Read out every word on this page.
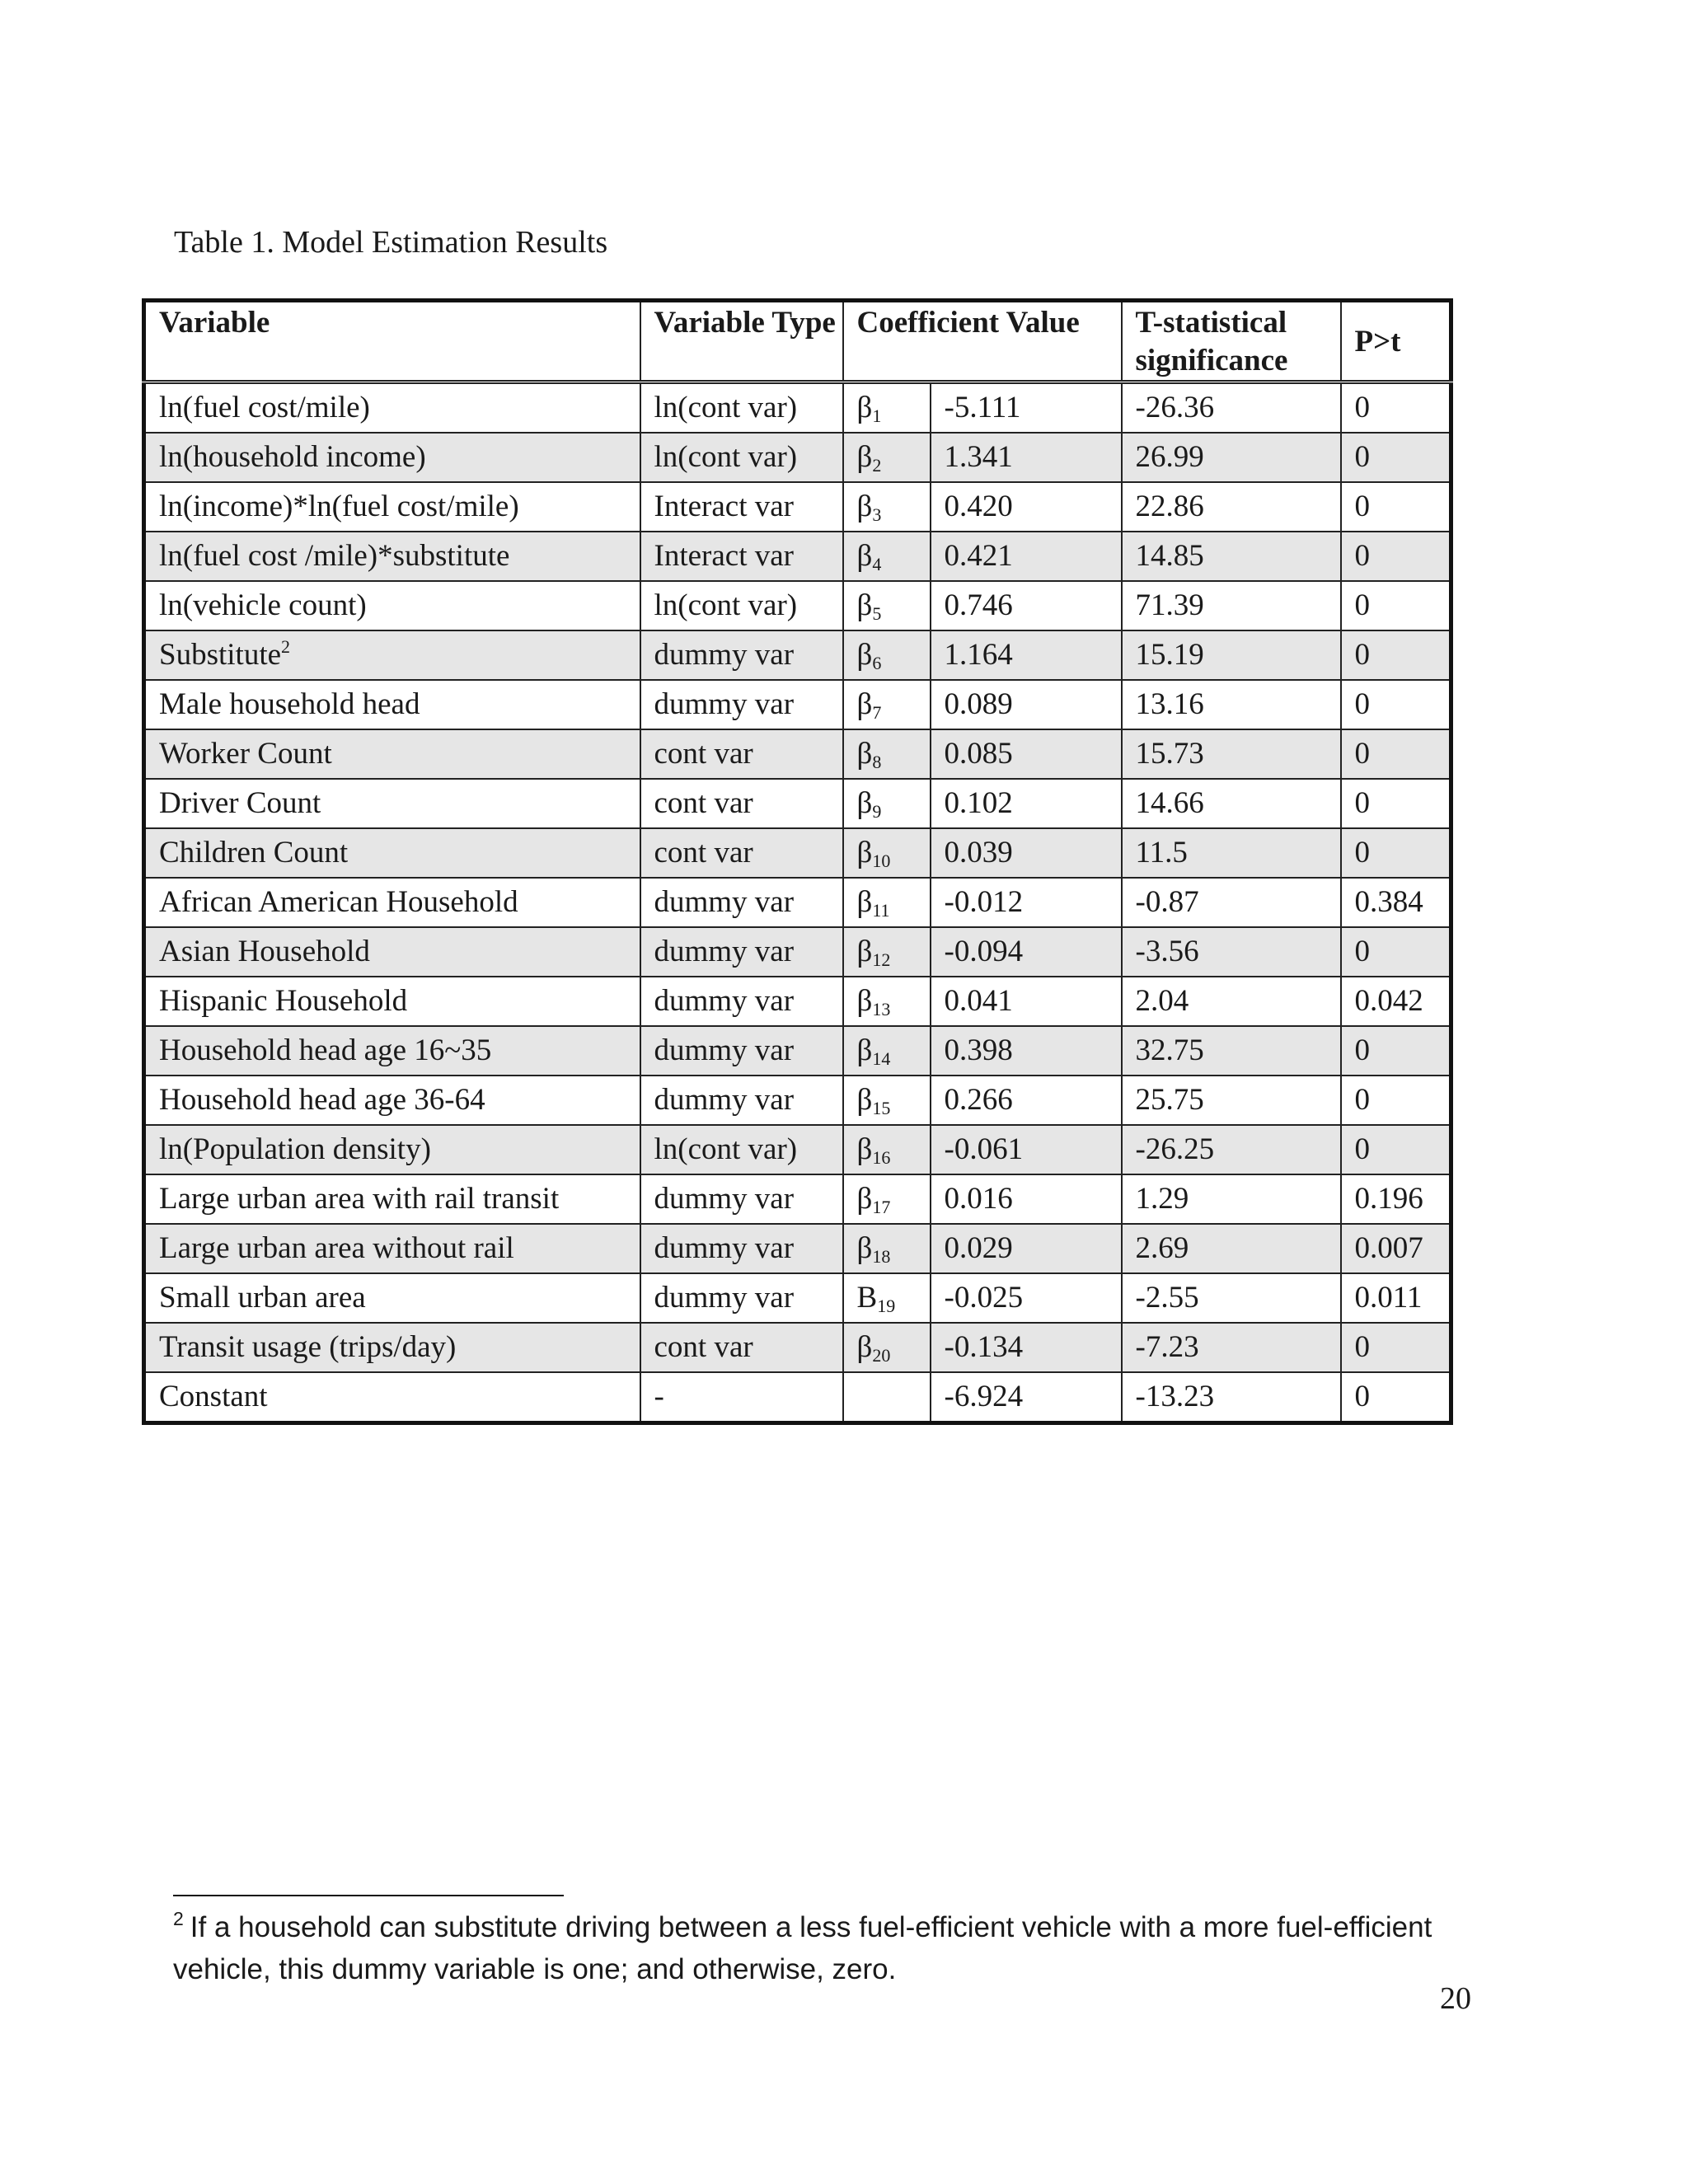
Table 1. Model Estimation Results
Variable	Variable Type	Coefficient Value		T-statistical significance	P>t
ln(fuel cost/mile)	ln(cont var)	$\beta_1$	-5.111	-26.36	0
ln(household income)	ln(cont var)	$\beta_2$	1.341	26.99	0
ln(income)*ln(fuel cost/mile)	Interact var	$\beta_3$	0.420	22.86	0
ln(fuel cost /mile)*substitute	Interact var	$\beta_4$	0.421	14.85	0
ln(vehicle count)	ln(cont var)	$\beta_5$	0.746	71.39	0
Substitute$^2$	dummy var	$\beta_6$	1.164	15.19	0
Male household head	dummy var	$\beta_7$	0.089	13.16	0
Worker Count	cont var	$\beta_8$	0.085	15.73	0
Driver Count	cont var	$\beta_9$	0.102	14.66	0
Children Count	cont var	$\beta_{10}$	0.039	11.5	0
African American Household	dummy var	$\beta_{11}$	-0.012	-0.87	0.384
Asian Household	dummy var	$\beta_{12}$	-0.094	-3.56	0
Hispanic Household	dummy var	$\beta_{13}$	0.041	2.04	0.042
Household head age 16~35	dummy var	$\beta_{14}$	0.398	32.75	0
Household head age 36-64	dummy var	$\beta_{15}$	0.266	25.75	0
ln(Population density)	ln(cont var)	$\beta_{16}$	-0.061	-26.25	0
Large urban area with rail transit	dummy var	$\beta_{17}$	0.016	1.29	0.196
Large urban area without rail	dummy var	$\beta_{18}$	0.029	2.69	0.007
Small urban area	dummy var	$B_{19}$	-0.025	-2.55	0.011
Transit usage (trips/day)	cont var	$\beta_{20}$	-0.134	-7.23	0
Constant	-		-6.924	-13.23	0
$^2$ If a household can substitute driving between a less fuel-efficient vehicle with a more fuel-efficient vehicle, this dummy variable is one; and otherwise, zero.
20
